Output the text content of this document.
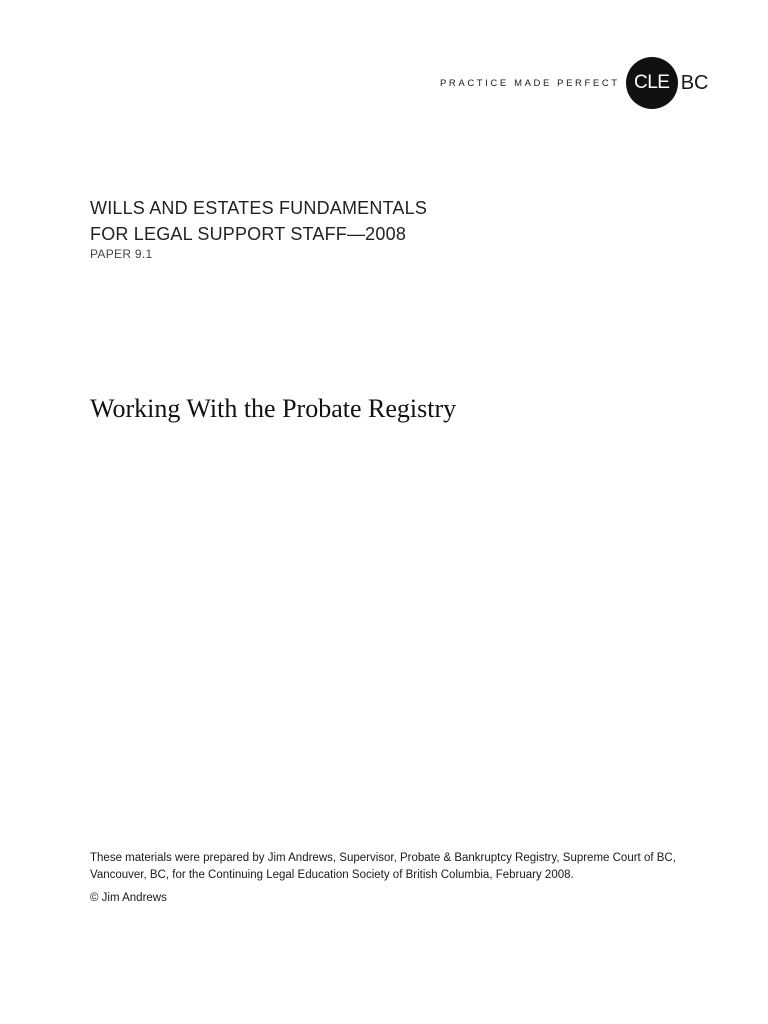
PRACTICE MADE PERFECT CLE BC
WILLS AND ESTATES FUNDAMENTALS
FOR LEGAL SUPPORT STAFF—2008
PAPER 9.1
Working With the Probate Registry
These materials were prepared by Jim Andrews, Supervisor, Probate & Bankruptcy Registry, Supreme Court of BC, Vancouver, BC, for the Continuing Legal Education Society of British Columbia, February 2008.
© Jim Andrews
